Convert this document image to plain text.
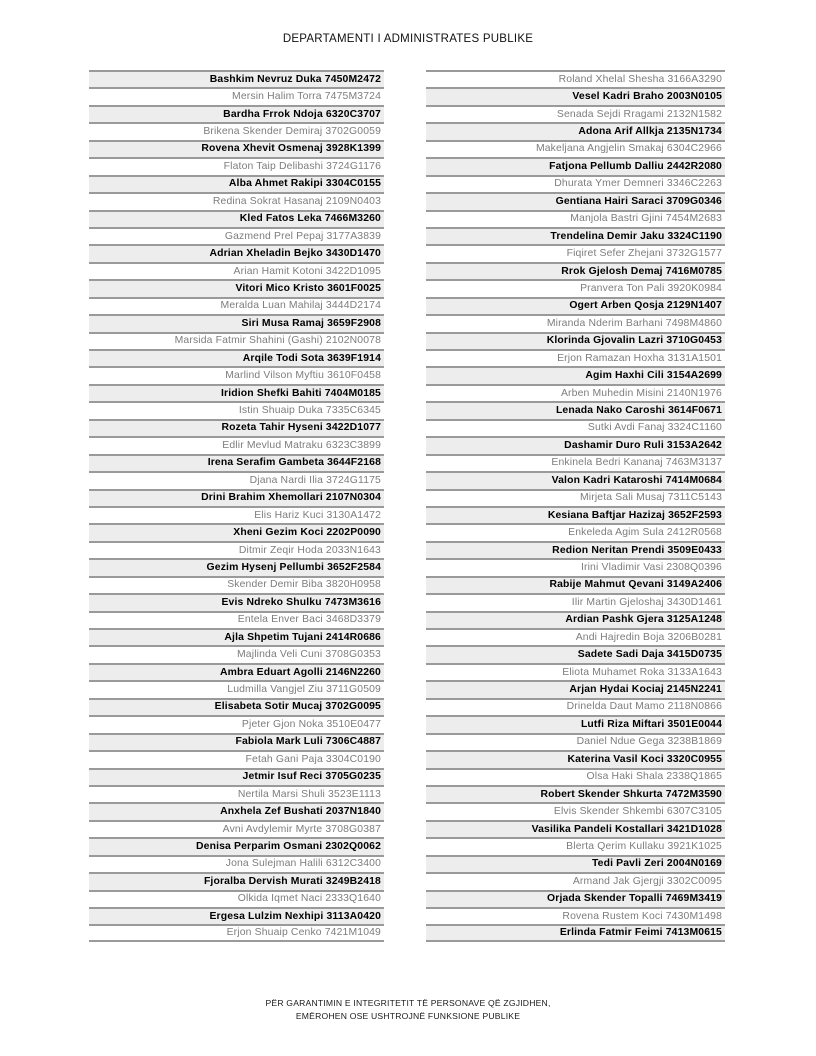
DEPARTAMENTI I ADMINISTRATES PUBLIKE
Bashkim Nevruz Duka 7450M2472
Mersin Halim Torra 7475M3724
Bardha Frrok Ndoja 6320C3707
Brikena Skender Demiraj 3702G0059
Rovena Xhevit Osmenaj 3928K1399
Flaton Taip Delibashi 3724G1176
Alba Ahmet Rakipi 3304C0155
Redina Sokrat Hasanaj 2109N0403
Kled Fatos Leka 7466M3260
Gazmend Prel Pepaj 3177A3839
Adrian Xheladin Bejko 3430D1470
Arian Hamit Kotoni 3422D1095
Vitori Mico Kristo 3601F0025
Meralda Luan Mahilaj 3444D2174
Siri Musa Ramaj 3659F2908
Marsida Fatmir Shahini (Gashi) 2102N0078
Arqile Todi Sota 3639F1914
Marlind Vilson Myftiu 3610F0458
Iridion Shefki Bahiti 7404M0185
Istin Shuaip Duka 7335C6345
Rozeta Tahir Hyseni 3422D1077
Edlir Mevlud Matraku 6323C3899
Irena Serafim Gambeta 3644F2168
Djana Nardi Ilia 3724G1175
Drini Brahim Xhemollari 2107N0304
Elis Hariz Kuci 3130A1472
Xheni Gezim Koci 2202P0090
Ditmir Zeqir Hoda 2033N1643
Gezim Hysenj Pellumbi 3652F2584
Skender Demir Biba 3820H0958
Evis Ndreko Shulku 7473M3616
Entela Enver Baci 3468D3379
Ajla Shpetim Tujani 2414R0686
Majlinda Veli Cuni 3708G0353
Ambra Eduart Agolli 2146N2260
Ludmilla Vangjel Ziu 3711G0509
Elisabeta Sotir Mucaj 3702G0095
Pjeter Gjon Noka 3510E0477
Fabiola Mark Luli 7306C4887
Fetah Gani Paja 3304C0190
Jetmir Isuf Reci 3705G0235
Nertila Marsi Shuli 3523E1113
Anxhela Zef Bushati 2037N1840
Avni Avdylemir Myrte 3708G0387
Denisa Perparim Osmani 2302Q0062
Jona Sulejman Halili 6312C3400
Fjoralba Dervish Murati 3249B2418
Olkida Iqmet Naci 2333Q1640
Ergesa Lulzim Nexhipi 3113A0420
Erjon Shuaip Cenko 7421M1049
Roland Xhelal Shesha 3166A3290
Vesel Kadri Braho 2003N0105
Senada Sejdi Rragami 2132N1582
Adona Arif Allkja 2135N1734
Makeljana Angjelin Smakaj 6304C2966
Fatjona Pellumb Dalliu 2442R2080
Dhurata Ymer Demneri 3346C2263
Gentiana Hairi Saraci 3709G0346
Manjola Bastri Gjini 7454M2683
Trendelina Demir Jaku 3324C1190
Fiqiret Sefer Zhejani 3732G1577
Rrok Gjelosh Demaj 7416M0785
Pranvera Ton Pali 3920K0984
Ogert Arben Qosja 2129N1407
Miranda Nderim Barhani 7498M4860
Klorinda Gjovalin Lazri 3710G0453
Erjon Ramazan Hoxha 3131A1501
Agim Haxhi Cili 3154A2699
Arben Muhedin Misini 2140N1976
Lenada Nako Caroshi 3614F0671
Sutki Avdi Fanaj 3324C1160
Dashamir Duro Ruli 3153A2642
Enkinela Bedri Kananaj 7463M3137
Valon Kadri Kataroshi 7414M0684
Mirjeta Sali Musaj 7311C5143
Kesiana Baftjar Hazizaj 3652F2593
Enkeleda Agim Sula 2412R0568
Redion Neritan Prendi 3509E0433
Irini Vladimir Vasi 2308Q0396
Rabije Mahmut Qevani 3149A2406
Ilir Martin Gjeloshaj 3430D1461
Ardian Pashk Gjera 3125A1248
Andi Hajredin Boja 3206B0281
Sadete Sadi Daja 3415D0735
Eliota Muhamet Roka 3133A1643
Arjan Hydai Kociaj 2145N2241
Drinelda Daut Mamo 2118N0866
Lutfi Riza Miftari 3501E0044
Daniel Ndue Gega 3238B1869
Katerina Vasil Koci 3320C0955
Olsa Haki Shala 2338Q1865
Robert Skender Shkurta 7472M3590
Elvis Skender Shkembi 6307C3105
Vasilika Pandeli Kostallari 3421D1028
Blerta Qerim Kullaku 3921K1025
Tedi Pavli Zeri 2004N0169
Armand Jak Gjergji 3302C0095
Orjada Skender Topalli 7469M3419
Rovena Rustem Koci 7430M1498
Erlinda Fatmir Feimi 7413M0615
PËR GARANTIMIN E INTEGRITETIT TË PERSONAVE QË ZGJIDHEN,
EMËROHEN OSE USHTROJNË FUNKSIONE PUBLIKE
